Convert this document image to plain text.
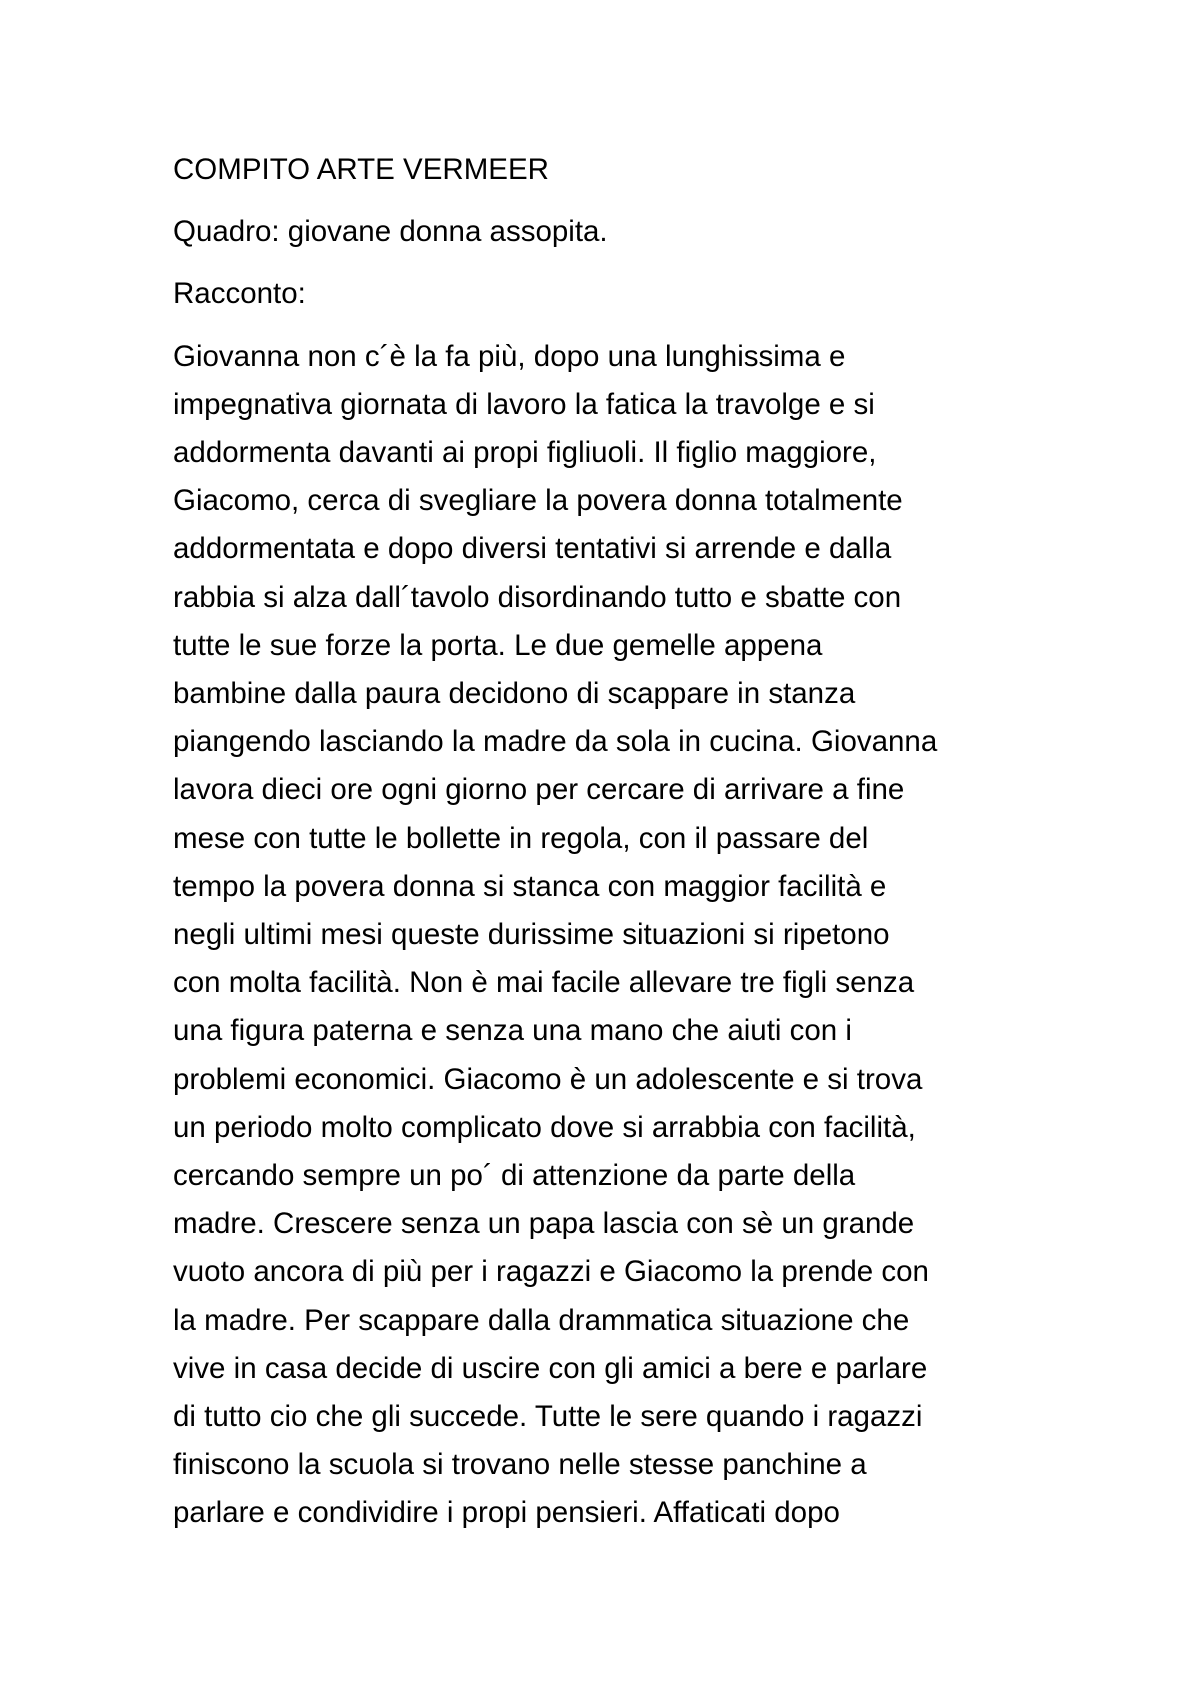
COMPITO ARTE VERMEER

Quadro: giovane donna assopita.

Racconto:

Giovanna non c´è la fa più, dopo una lunghissima e
impegnativa giornata di lavoro la fatica la travolge e si
addormenta davanti ai propi figliuoli. Il figlio maggiore,
Giacomo, cerca di svegliare la povera donna totalmente
addormentata e dopo diversi tentativi si arrende e dalla
rabbia si alza dall´tavolo disordinando tutto e sbatte con
tutte le sue forze la porta. Le due gemelle appena
bambine dalla paura decidono di scappare in stanza
piangendo lasciando la madre da sola in cucina. Giovanna
lavora dieci ore ogni giorno per cercare di arrivare a fine
mese con tutte le bollette in regola, con il passare del
tempo la povera donna si stanca con maggior facilità e
negli ultimi mesi queste durissime situazioni si ripetono
con molta facilità. Non è mai facile allevare tre figli senza
una figura paterna e senza una mano che aiuti con i
problemi economici. Giacomo è un adolescente e si trova
un periodo molto complicato dove si arrabbia con facilità,
cercando sempre un po´ di attenzione da parte della
madre. Crescere senza un papa lascia con sè un grande
vuoto ancora di più per i ragazzi e Giacomo la prende con
la madre. Per scappare dalla drammatica situazione che
vive in casa decide di uscire con gli amici a bere e parlare
di tutto cio che gli succede. Tutte le sere quando i ragazzi
finiscono la scuola si trovano nelle stesse panchine a
parlare e condividire i propi pensieri. Affaticati dopo
